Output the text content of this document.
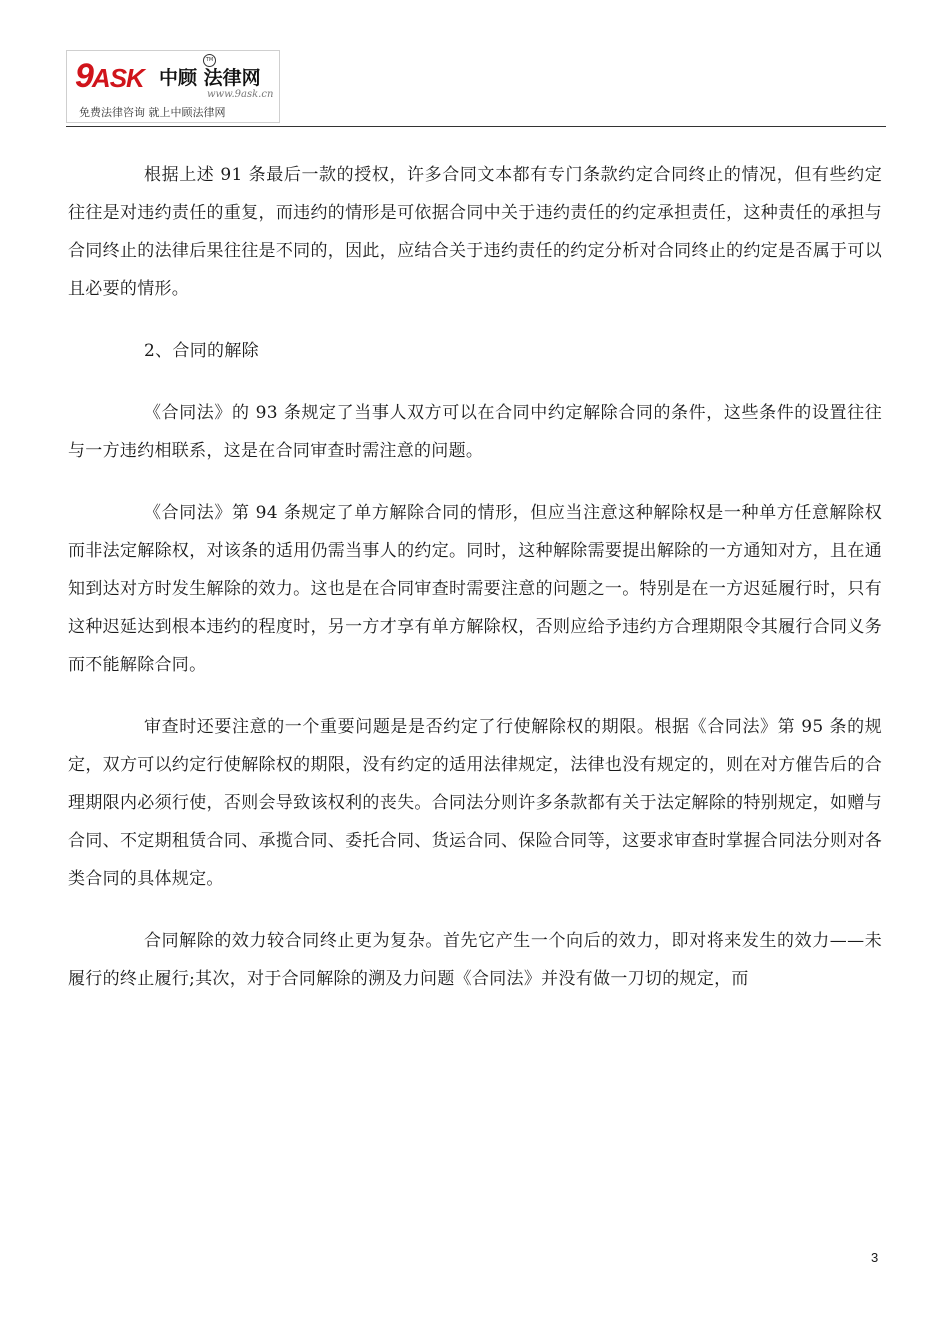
9ASK 中顾 法律网
TM
www.9ask.cn
免费法律咨询 就上中顾法律网

根据上述 91 条最后一款的授权，许多合同文本都有专门条款约定合同终止的情况，但有些约定往往是对违约责任的重复，而违约的情形是可依据合同中关于违约责任的约定承担责任，这种责任的承担与合同终止的法律后果往往是不同的，因此，应结合关于违约责任的约定分析对合同终止的约定是否属于可以且必要的情形。

2、合同的解除

《合同法》的 93 条规定了当事人双方可以在合同中约定解除合同的条件，这些条件的设置往往与一方违约相联系，这是在合同审查时需注意的问题。

《合同法》第 94 条规定了单方解除合同的情形，但应当注意这种解除权是一种单方任意解除权而非法定解除权，对该条的适用仍需当事人的约定。同时，这种解除需要提出解除的一方通知对方，且在通知到达对方时发生解除的效力。这也是在合同审查时需要注意的问题之一。特别是在一方迟延履行时，只有这种迟延达到根本违约的程度时，另一方才享有单方解除权，否则应给予违约方合理期限令其履行合同义务而不能解除合同。

审查时还要注意的一个重要问题是是否约定了行使解除权的期限。根据《合同法》第 95 条的规定，双方可以约定行使解除权的期限，没有约定的适用法律规定，法律也没有规定的，则在对方催告后的合理期限内必须行使，否则会导致该权利的丧失。合同法分则许多条款都有关于法定解除的特别规定，如赠与合同、不定期租赁合同、承揽合同、委托合同、货运合同、保险合同等，这要求审查时掌握合同法分则对各类合同的具体规定。

合同解除的效力较合同终止更为复杂。首先它产生一个向后的效力，即对将来发生的效力——未履行的终止履行;其次，对于合同解除的溯及力问题《合同法》并没有做一刀切的规定，而

3
